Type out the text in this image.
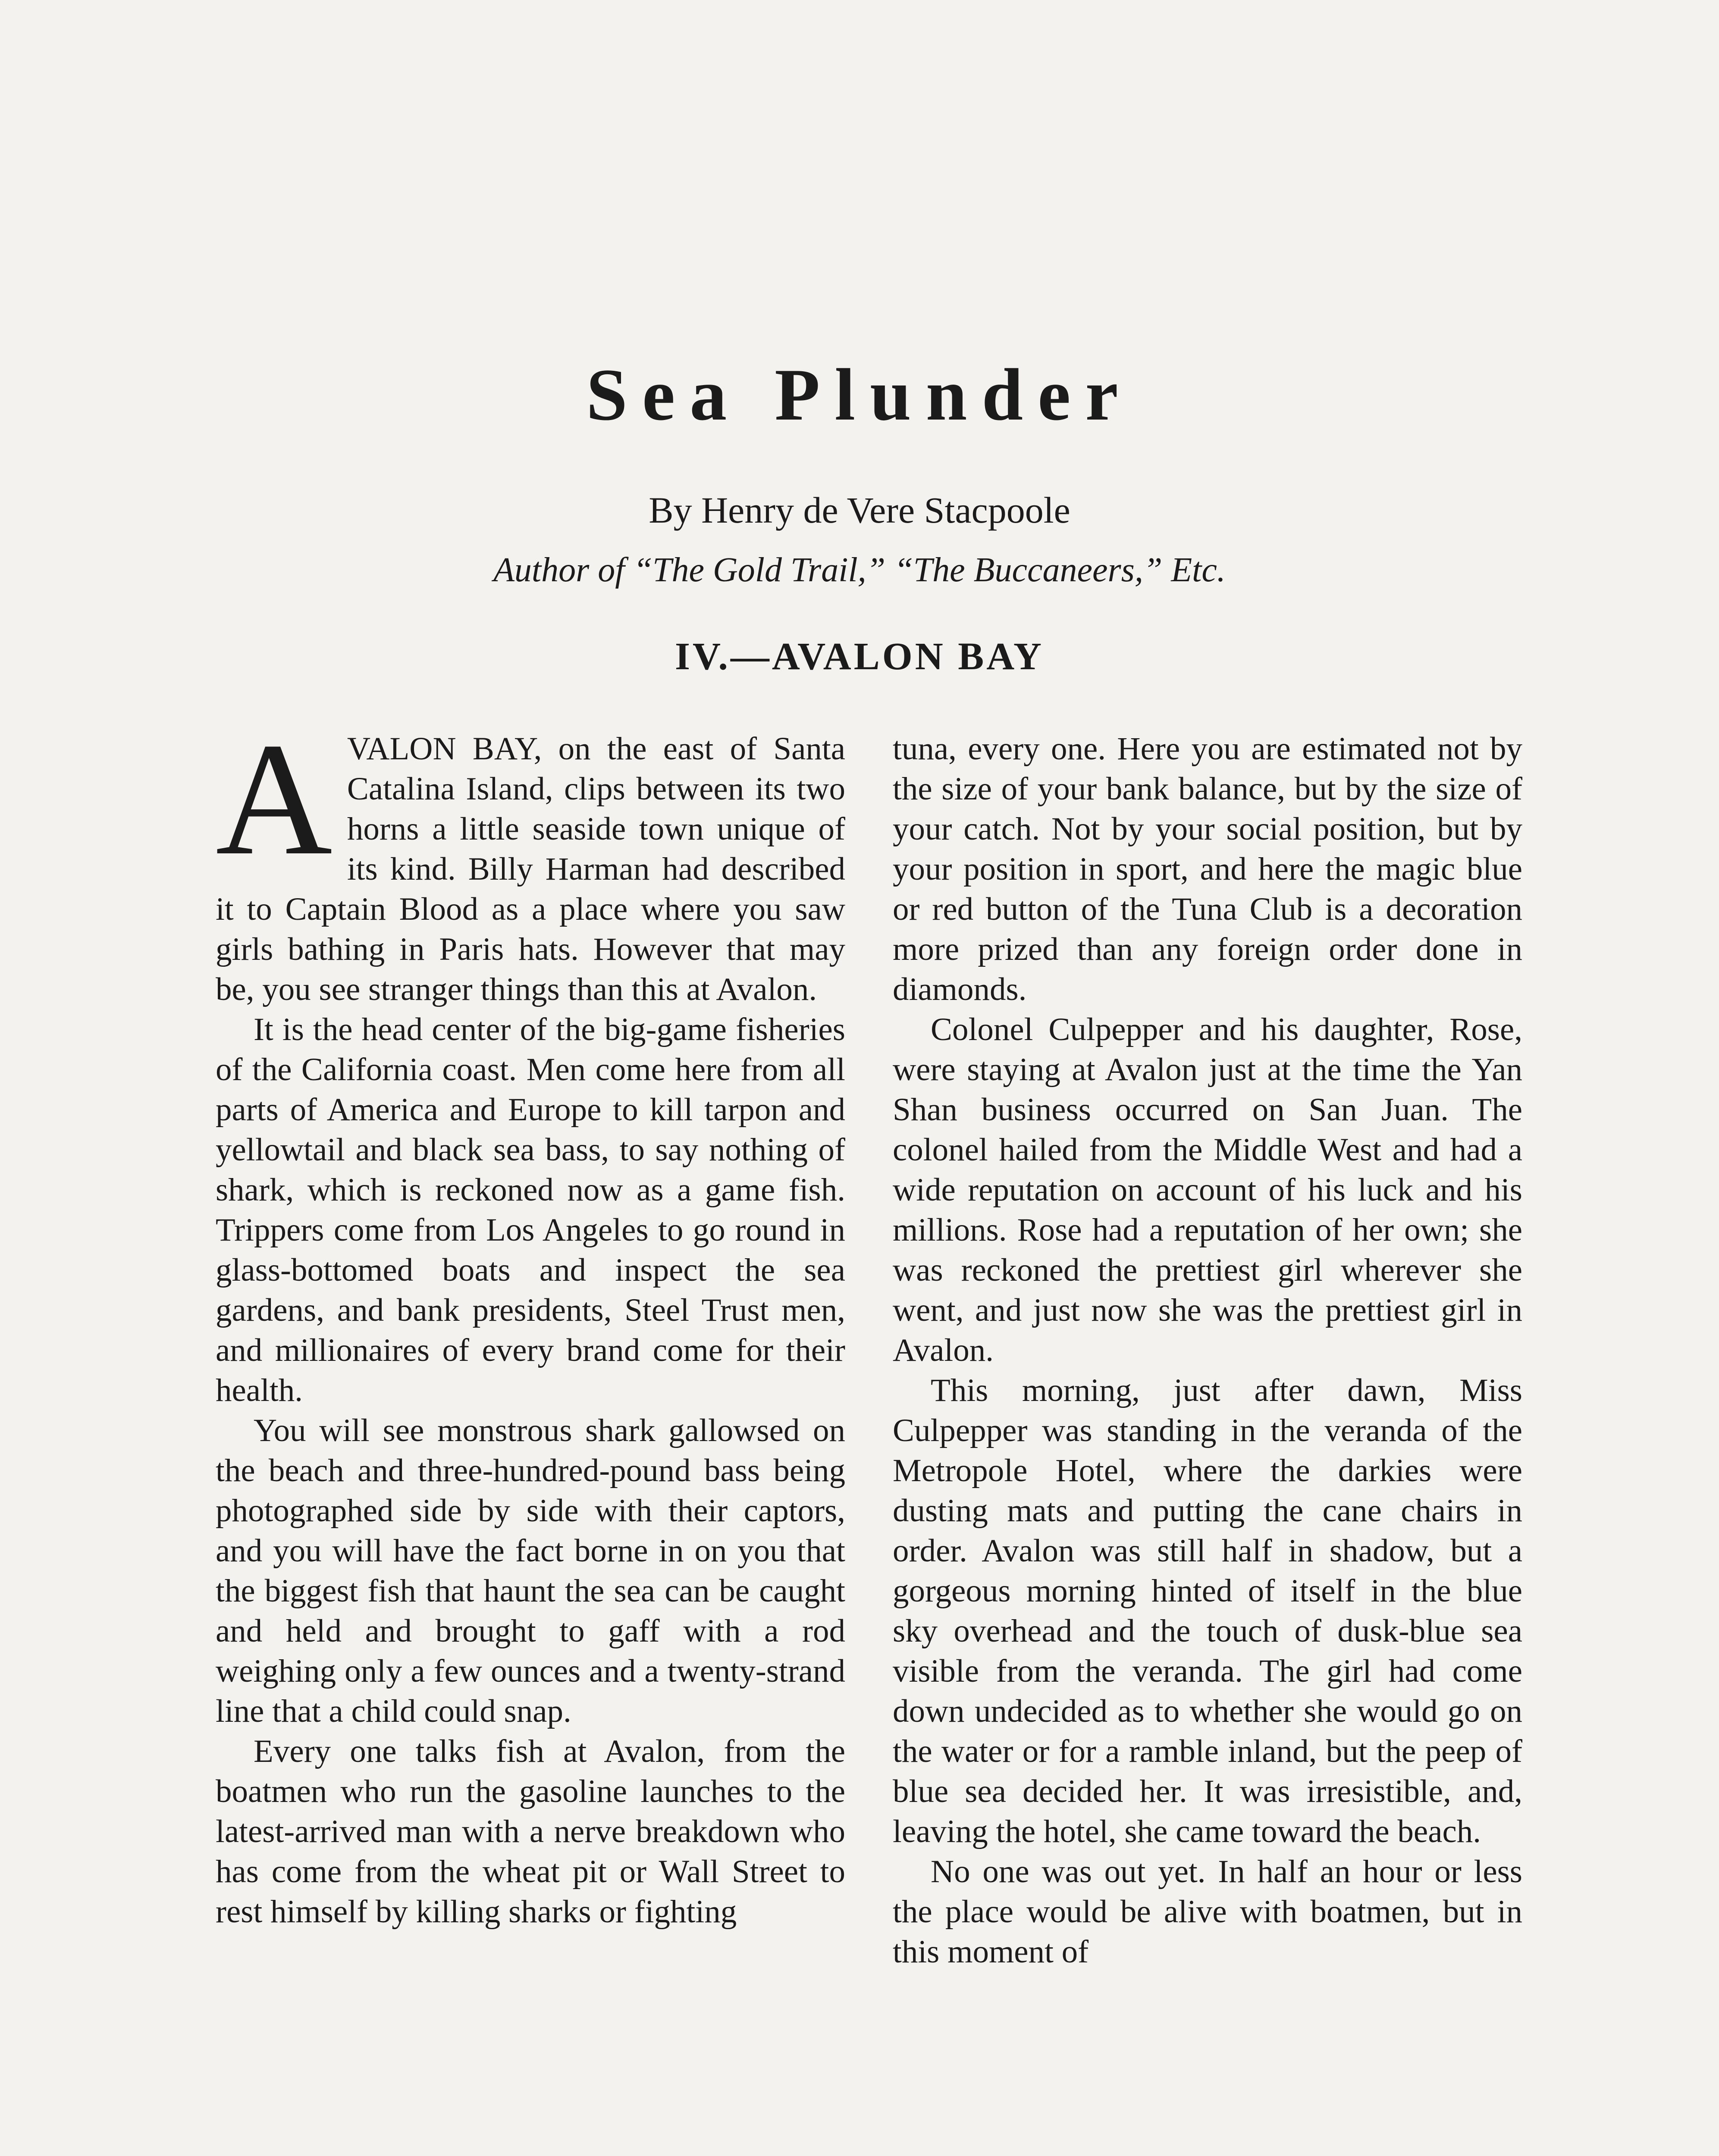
Sea Plunder
By Henry de Vere Stacpoole
Author of “The Gold Trail,” “The Buccaneers,” Etc.
IV.—AVALON BAY
A VALON BAY, on the east of Santa Catalina Island, clips between its two horns a little seaside town unique of its kind. Billy Harman had described it to Captain Blood as a place where you saw girls bathing in Paris hats. However that may be, you see stranger things than this at Avalon.

It is the head center of the big-game fisheries of the California coast. Men come here from all parts of America and Europe to kill tarpon and yellowtail and black sea bass, to say nothing of shark, which is reckoned now as a game fish. Trippers come from Los Angeles to go round in glass-bottomed boats and inspect the sea gardens, and bank presidents, Steel Trust men, and millionaires of every brand come for their health.

You will see monstrous shark gallowsed on the beach and three-hundred-pound bass being photographed side by side with their captors, and you will have the fact borne in on you that the biggest fish that haunt the sea can be caught and held and brought to gaff with a rod weighing only a few ounces and a twenty-strand line that a child could snap.

Every one talks fish at Avalon, from the boatmen who run the gasoline launches to the latest-arrived man with a nerve breakdown who has come from the wheat pit or Wall Street to rest himself by killing sharks or fighting

tuna, every one. Here you are estimated not by the size of your bank balance, but by the size of your catch. Not by your social position, but by your position in sport, and here the magic blue or red button of the Tuna Club is a decoration more prized than any foreign order done in diamonds.

Colonel Culpepper and his daughter, Rose, were staying at Avalon just at the time the Yan Shan business occurred on San Juan. The colonel hailed from the Middle West and had a wide reputation on account of his luck and his millions. Rose had a reputation of her own; she was reckoned the prettiest girl wherever she went, and just now she was the prettiest girl in Avalon.

This morning, just after dawn, Miss Culpepper was standing in the veranda of the Metropole Hotel, where the darkies were dusting mats and putting the cane chairs in order. Avalon was still half in shadow, but a gorgeous morning hinted of itself in the blue sky overhead and the touch of dusk-blue sea visible from the veranda. The girl had come down undecided as to whether she would go on the water or for a ramble inland, but the peep of blue sea decided her. It was irresistible, and, leaving the hotel, she came toward the beach.

No one was out yet. In half an hour or less the place would be alive with boatmen, but in this moment of
